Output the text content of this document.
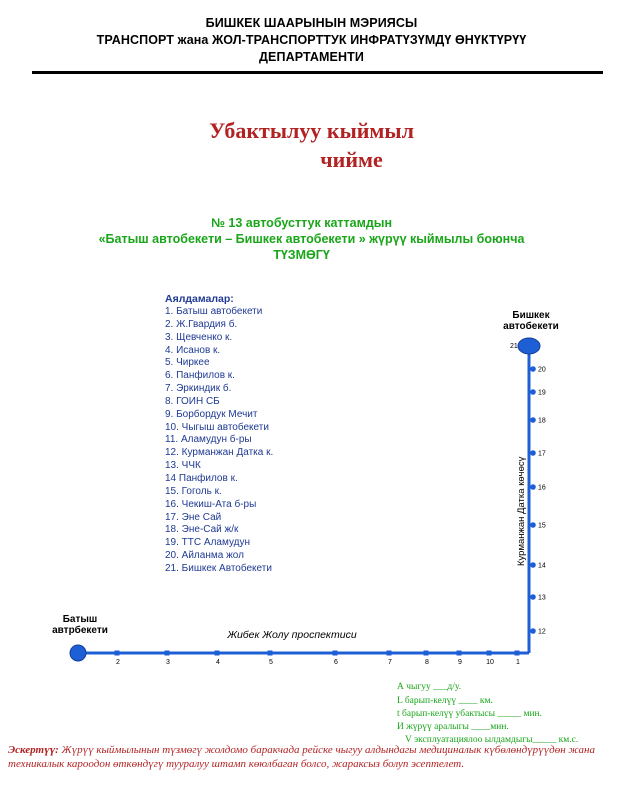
БИШКЕК ШААРЫНЫН МЭРИЯСЫ
ТРАНСПОРТ жана ЖОЛ-ТРАНСПОРТТУК ИНФРАТҮЗҮМДҮ ӨНҮКТҮРҮҮ
ДЕПАРТАМЕНТИ
Убактылуу кыймыл
чийме
№ 13 автобусттук каттамдын
«Батыш автобекети – Бишкек автобекети » жүрүү кыймылы боюнча
ТҮЗМӨГҮ
Аялдамалар:
1. Батыш автобекети
2. Ж.Гвардия б.
3. Щевченко к.
4. Исанов к.
5. Чиркее
6. Панфилов к.
7. Эркиндик б.
8. ГОИН СБ
9. Борбордук Мечит
10. Чыгыш автобекети
11. Аламудун б-ры
12. Курманжан Датка к.
13. ЧЧК
14 Панфилов к.
15. Гоголь к.
16. Чекиш-Ата б-ры
17. Эне Сай
18. Эне-Сай ж/к
19. ТТС Аламудун
20. Айланма жол
21. Бишкек Автобекети
21
2	3	4	5	6	7	8	9	10	1
12
13
14
15
16
17
18
19
20
Жибек Жолу проспектиси
Курманжан Датка көчөсү
Батыш
автрбекети
Бишкек
автобекети
А чыгуу ___д/у.
L барып-келүү ____ км.
t барып-келүү убактысы _____ мин.
И жүрүү аралыгы ____мин.
V эксплуатациялоо ылдамдыгы_____ км.с.
Эскертүү: Жүрүү кыймылынын түзмөгү жолдомо баракчада рейске чыгуу алдындагы медициналык күбөлөндүрүүдөн жана техникалык кароодон өткөндүгү тууралуу штамп көюлбаган болсо, жараксыз болуп эсептелет.
